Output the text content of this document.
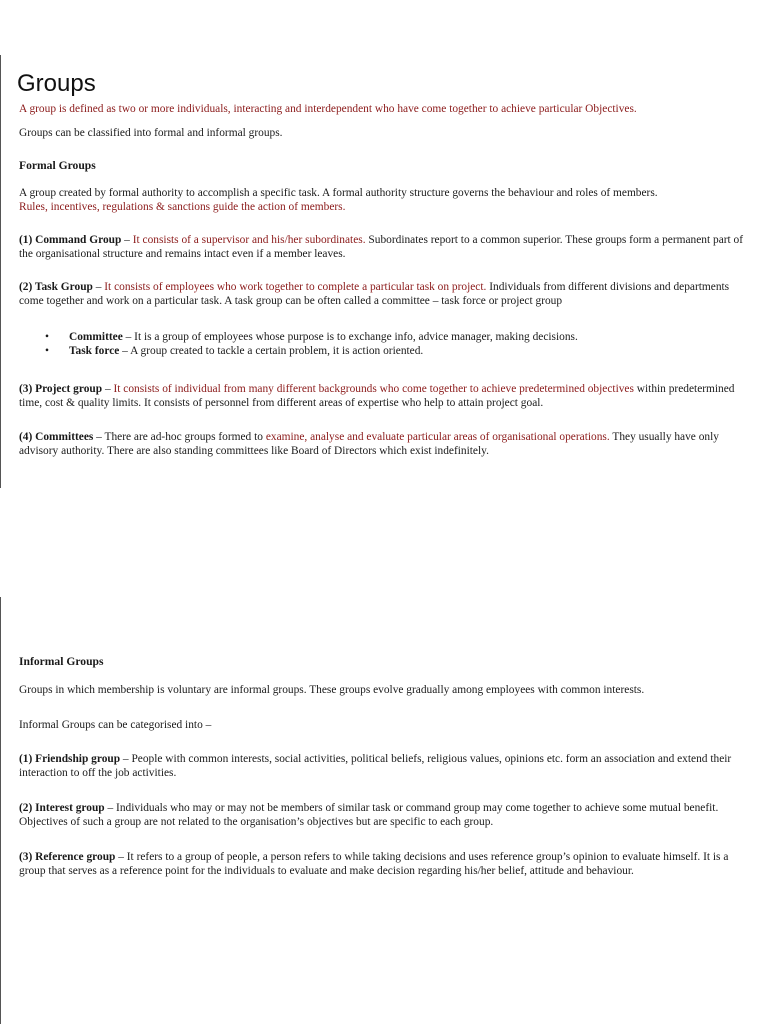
Groups
A group is defined as two or more individuals, interacting and interdependent who have come together to achieve particular Objectives.
Groups can be classified into formal and informal groups.
Formal Groups
A group created by formal authority to accomplish a specific task. A formal authority structure governs the behaviour and roles of members.
Rules, incentives, regulations & sanctions guide the action of members.
(1) Command Group – It consists of a supervisor and his/her subordinates. Subordinates report to a common superior. These groups form a permanent part of the organisational structure and remains intact even if a member leaves.
(2) Task Group – It consists of employees who work together to complete a particular task on project. Individuals from different divisions and departments come together and work on a particular task. A task group can be often called a committee – task force or project group
• Committee – It is a group of employees whose purpose is to exchange info, advice manager, making decisions.
• Task force – A group created to tackle a certain problem, it is action oriented.
(3) Project group – It consists of individual from many different backgrounds who come together to achieve predetermined objectives within predetermined time, cost & quality limits. It consists of personnel from different areas of expertise who help to attain project goal.
(4) Committees – There are ad-hoc groups formed to examine, analyse and evaluate particular areas of organisational operations. They usually have only advisory authority. There are also standing committees like Board of Directors which exist indefinitely.
Informal Groups
Groups in which membership is voluntary are informal groups. These groups evolve gradually among employees with common interests.
Informal Groups can be categorised into –
(1) Friendship group – People with common interests, social activities, political beliefs, religious values, opinions etc. form an association and extend their interaction to off the job activities.
(2) Interest group – Individuals who may or may not be members of similar task or command group may come together to achieve some mutual benefit. Objectives of such a group are not related to the organisation’s objectives but are specific to each group.
(3) Reference group – It refers to a group of people, a person refers to while taking decisions and uses reference group’s opinion to evaluate himself. It is a group that serves as a reference point for the individuals to evaluate and make decision regarding his/her belief, attitude and behaviour.
